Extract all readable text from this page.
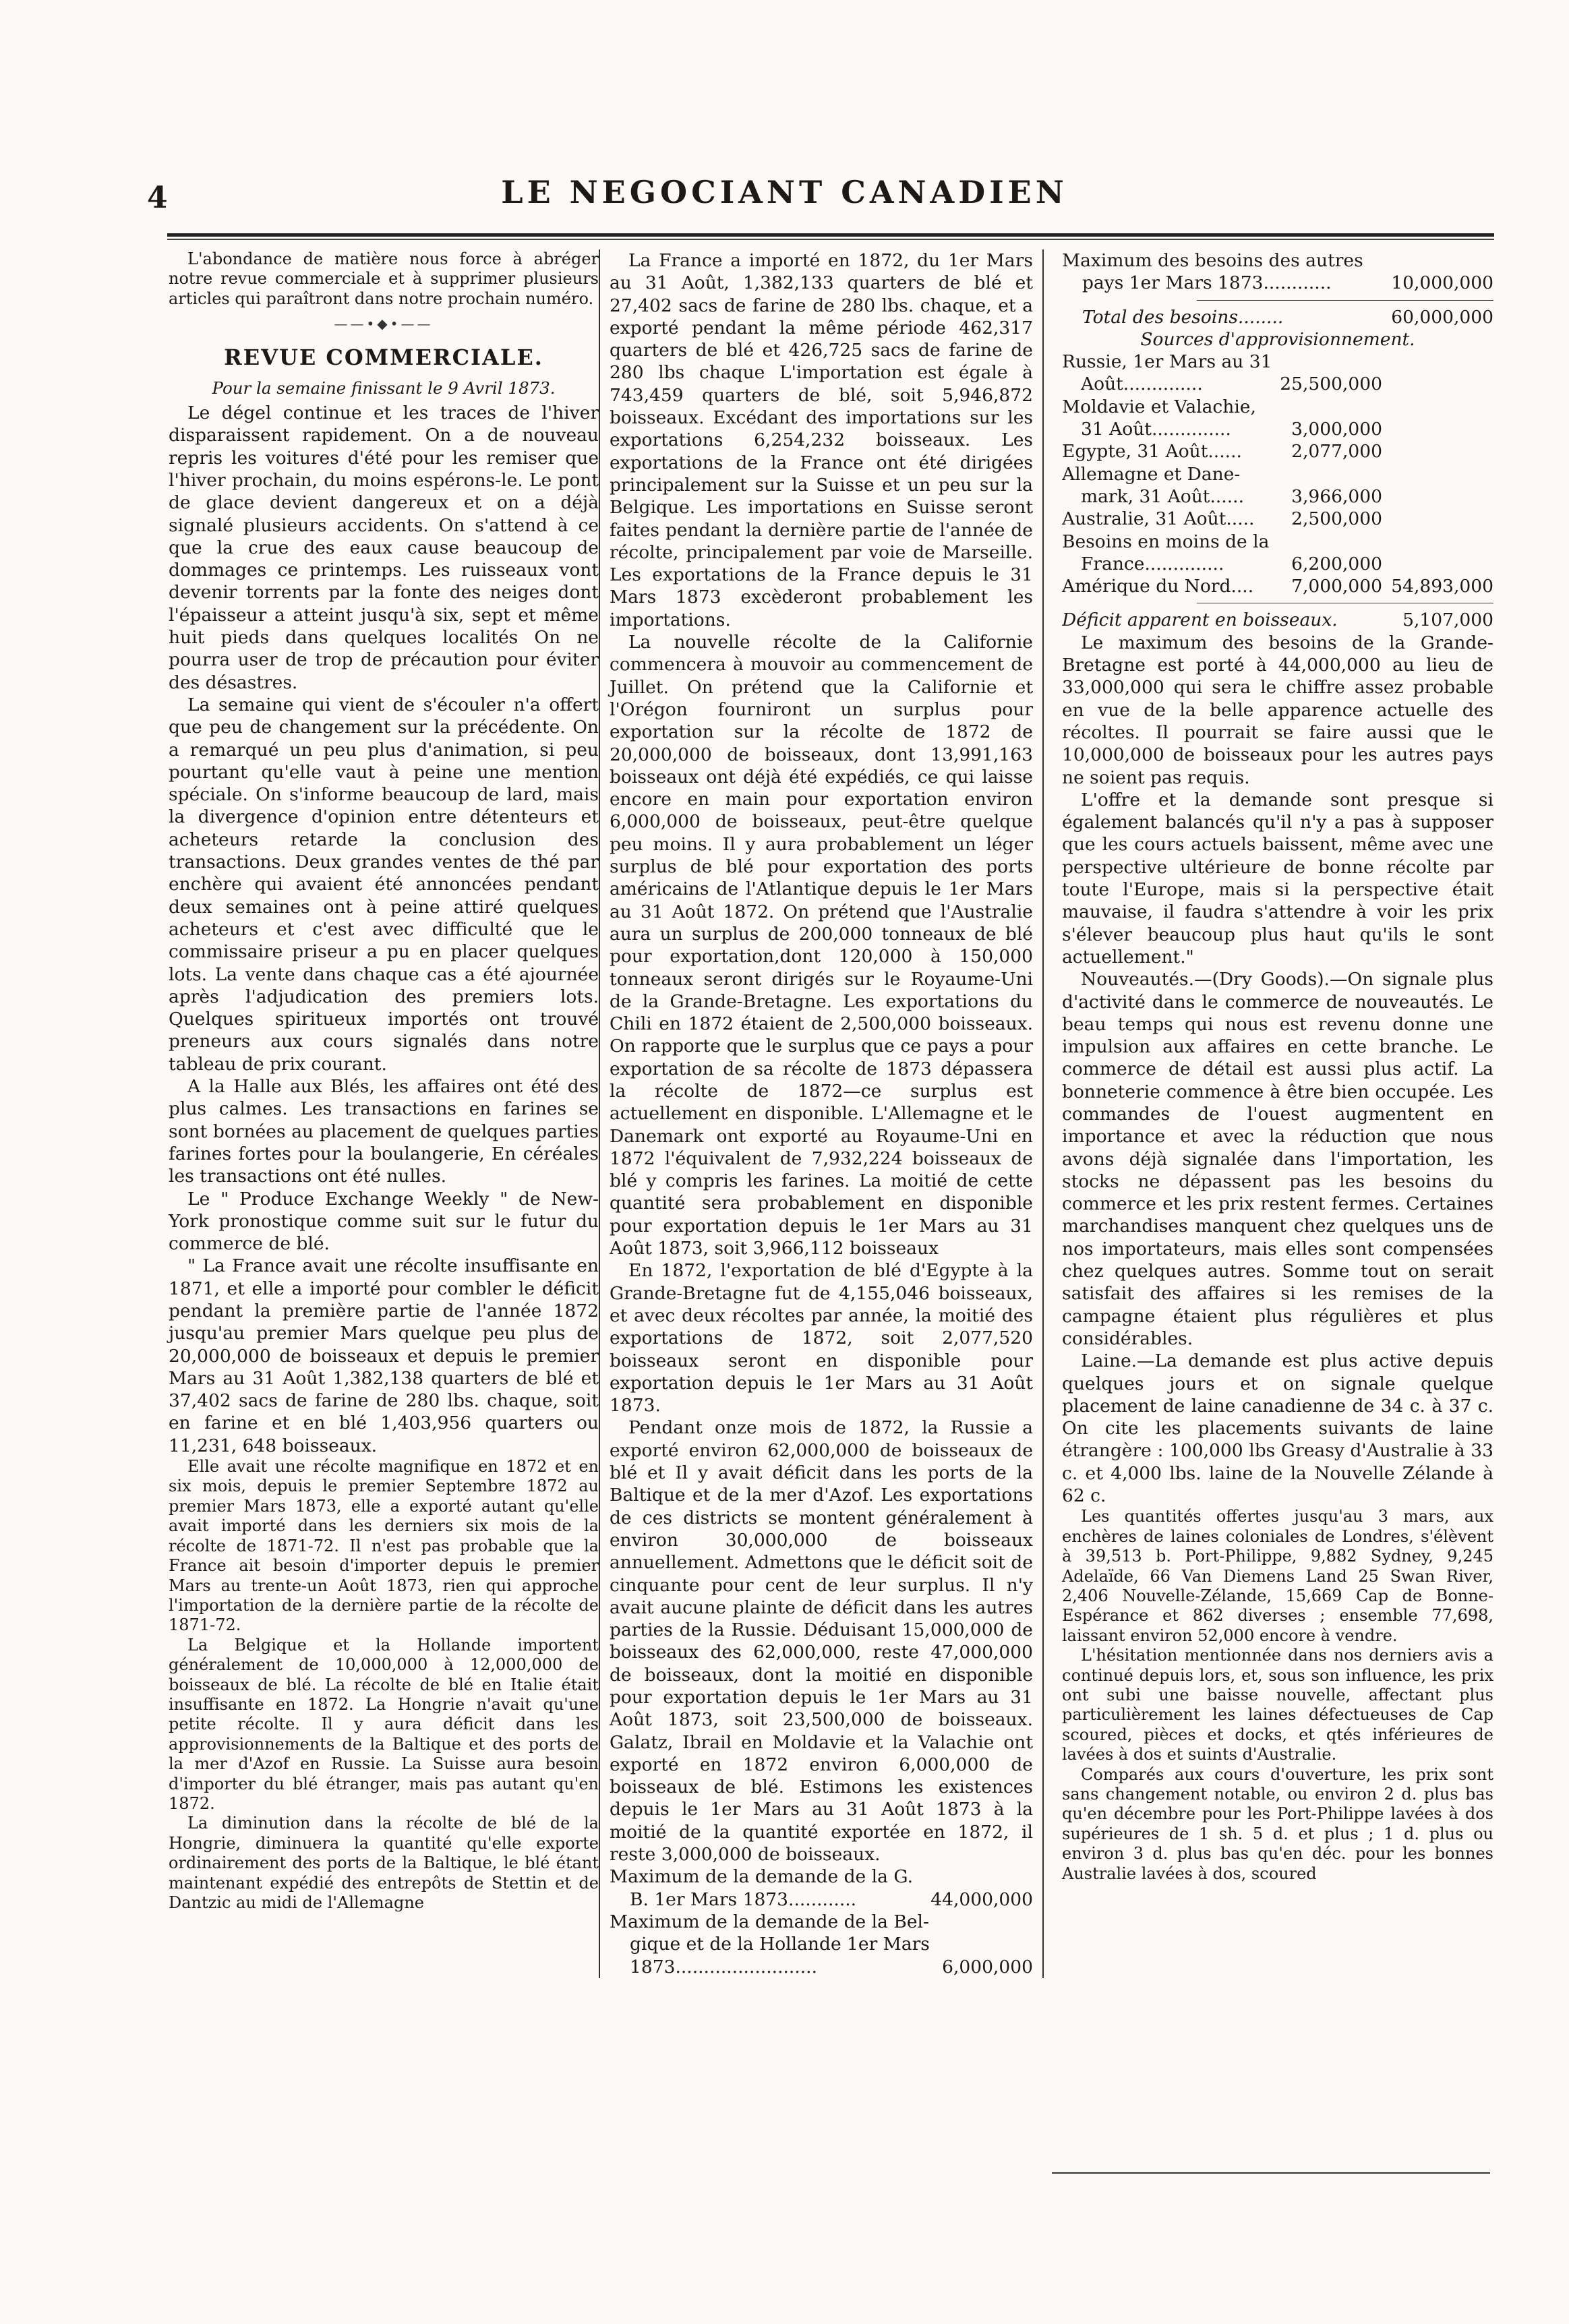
4	LE NEGOCIANT CANADIEN

L'abondance de matière nous force à abréger notre revue commerciale et à supprimer plusieurs articles qui paraîtront dans notre prochain numéro.

——•◆•——
REVUE COMMERCIALE.

Pour la semaine finissant le 9 Avril 1873.

Le dégel continue et les traces de l'hiver disparaissent rapidement. On a de nouveau repris les voitures d'été pour les remiser que l'hiver prochain, du moins espérons-le. Le pont de glace devient dangereux et on a déjà signalé plusieurs accidents. On s'attend à ce que la crue des eaux cause beaucoup de dommages ce printemps. Les ruisseaux vont devenir torrents par la fonte des neiges dont l'épaisseur a atteint jusqu'à six, sept et même huit pieds dans quelques localités On ne pourra user de trop de précaution pour éviter des désastres.

La semaine qui vient de s'écouler n'a offert que peu de changement sur la précédente. On a remarqué un peu plus d'animation, si peu pourtant qu'elle vaut à peine une mention spéciale. On s'informe beaucoup de lard, mais la divergence d'opinion entre détenteurs et acheteurs retarde la conclusion des transactions. Deux grandes ventes de thé par enchère qui avaient été annoncées pendant deux semaines ont à peine attiré quelques acheteurs et c'est avec difficulté que le commissaire priseur a pu en placer quelques lots. La vente dans chaque cas a été ajournée après l'adjudication des premiers lots. Quelques spiritueux importés ont trouvé preneurs aux cours signalés dans notre tableau de prix courant.

A la Halle aux Blés, les affaires ont été des plus calmes. Les transactions en farines se sont bornées au placement de quelques parties farines fortes pour la boulangerie, En céréales les transactions ont été nulles.

Le " Produce Exchange Weekly " de New-York pronostique comme suit sur le futur du commerce de blé.

" La France avait une récolte insuffisante en 1871, et elle a importé pour combler le déficit pendant la première partie de l'année 1872 jusqu'au premier Mars quelque peu plus de 20,000,000 de boisseaux et depuis le premier Mars au 31 Août 1,382,138 quarters de blé et 37,402 sacs de farine de 280 lbs. chaque, soit en farine et en blé 1,403,956 quarters ou 11,231, 648 boisseaux.

Elle avait une récolte magnifique en 1872 et en six mois, depuis le premier Septembre 1872 au premier Mars 1873, elle a exporté autant qu'elle avait importé dans les derniers six mois de la récolte de 1871-72. Il n'est pas probable que la France ait besoin d'importer depuis le premier Mars au trente-un Août 1873, rien qui approche l'importation de la dernière partie de la récolte de 1871-72.

La Belgique et la Hollande importent généralement de 10,000,000 à 12,000,000 de boisseaux de blé. La récolte de blé en Italie était insuffisante en 1872. La Hongrie n'avait qu'une petite récolte. Il y aura déficit dans les approvisionnements de la Baltique et des ports de la mer d'Azof en Russie. La Suisse aura besoin d'importer du blé étranger, mais pas autant qu'en 1872.

La diminution dans la récolte de blé de la Hongrie, diminuera la quantité qu'elle exporte ordinairement des ports de la Baltique, le blé étant maintenant expédié des entrepôts de Stettin et de Dantzic au midi de l'Allemagne

La France a importé en 1872, du 1er Mars au 31 Août, 1,382,133 quarters de blé et 27,402 sacs de farine de 280 lbs. chaque, et a exporté pendant la même période 462,317 quarters de blé et 426,725 sacs de farine de 280 lbs chaque L'importation est égale à 743,459 quarters de blé, soit 5,946,872 boisseaux. Excédant des importations sur les exportations 6,254,232 boisseaux. Les exportations de la France ont été dirigées principalement sur la Suisse et un peu sur la Belgique. Les importations en Suisse seront faites pendant la dernière partie de l'année de récolte, principalement par voie de Marseille. Les exportations de la France depuis le 31 Mars 1873 excèderont probablement les importations.

La nouvelle récolte de la Californie commencera à mouvoir au commencement de Juillet. On prétend que la Californie et l'Orégon fourniront un surplus pour exportation sur la récolte de 1872 de 20,000,000 de boisseaux, dont 13,991,163 boisseaux ont déjà été expédiés, ce qui laisse encore en main pour exportation environ 6,000,000 de boisseaux, peut-être quelque peu moins. Il y aura probablement un léger surplus de blé pour exportation des ports américains de l'Atlantique depuis le 1er Mars au 31 Août 1872. On prétend que l'Australie aura un surplus de 200,000 tonneaux de blé pour exportation,dont 120,000 à 150,000 tonneaux seront dirigés sur le Royaume-Uni de la Grande-Bretagne. Les exportations du Chili en 1872 étaient de 2,500,000 boisseaux. On rapporte que le surplus que ce pays a pour exportation de sa récolte de 1873 dépassera la récolte de 1872—ce surplus est actuellement en disponible. L'Allemagne et le Danemark ont exporté au Royaume-Uni en 1872 l'équivalent de 7,932,224 boisseaux de blé y compris les farines. La moitié de cette quantité sera probablement en disponible pour exportation depuis le 1er Mars au 31 Août 1873, soit 3,966,112 boisseaux

En 1872, l'exportation de blé d'Egypte à la Grande-Bretagne fut de 4,155,046 boisseaux, et avec deux récoltes par année, la moitié des exportations de 1872, soit 2,077,520 boisseaux seront en disponible pour exportation depuis le 1er Mars au 31 Août 1873.

Pendant onze mois de 1872, la Russie a exporté environ 62,000,000 de boisseaux de blé et Il y avait déficit dans les ports de la Baltique et de la mer d'Azof. Les exportations de ces districts se montent généralement à environ 30,000,000 de boisseaux annuellement. Admettons que le déficit soit de cinquante pour cent de leur surplus. Il n'y avait aucune plainte de déficit dans les autres parties de la Russie. Déduisant 15,000,000 de boisseaux des 62,000,000, reste 47,000,000 de boisseaux, dont la moitié en disponible pour exportation depuis le 1er Mars au 31 Août 1873, soit 23,500,000 de boisseaux. Galatz, Ibrail en Moldavie et la Valachie ont exporté en 1872 environ 6,000,000 de boisseaux de blé. Estimons les existences depuis le 1er Mars au 31 Août 1873 à la moitié de la quantité exportée en 1872, il reste 3,000,000 de boisseaux.

Maximum de la demande de la G.
B. 1er Mars 1873............	44,000,000
Maximum de la demande de la Bel-
gique et de la Hollande 1er Mars
1873.........................	6,000,000
Maximum des besoins des autres
pays 1er Mars 1873............	10,000,000
Total des besoins........	60,000,000

Sources d'approvisionnement.

Russie, 1er Mars au 31
Août..............	25,500,000
Moldavie et Valachie,
31 Août..............	3,000,000
Egypte, 31 Août......	2,077,000
Allemagne et Dane-
mark, 31 Août......	3,966,000
Australie, 31 Août.....	2,500,000
Besoins en moins de la
France..............	6,200,000
Amérique du Nord....	7,000,000 54,893,000
Déficit apparent en boisseaux.	5,107,000

Le maximum des besoins de la Grande-Bretagne est porté à 44,000,000 au lieu de 33,000,000 qui sera le chiffre assez probable en vue de la belle apparence actuelle des récoltes. Il pourrait se faire aussi que le 10,000,000 de boisseaux pour les autres pays ne soient pas requis.

L'offre et la demande sont presque si également balancés qu'il n'y a pas à supposer que les cours actuels baissent, même avec une perspective ultérieure de bonne récolte par toute l'Europe, mais si la perspective était mauvaise, il faudra s'attendre à voir les prix s'élever beaucoup plus haut qu'ils le sont actuellement."

Nouveautés.—(Dry Goods).—On signale plus d'activité dans le commerce de nouveautés. Le beau temps qui nous est revenu donne une impulsion aux affaires en cette branche. Le commerce de détail est aussi plus actif. La bonneterie commence à être bien occupée. Les commandes de l'ouest augmentent en importance et avec la réduction que nous avons déjà signalée dans l'importation, les stocks ne dépassent pas les besoins du commerce et les prix restent fermes. Certaines marchandises manquent chez quelques uns de nos importateurs, mais elles sont compensées chez quelques autres. Somme tout on serait satisfait des affaires si les remises de la campagne étaient plus régulières et plus considérables.

Laine.—La demande est plus active depuis quelques jours et on signale quelque placement de laine canadienne de 34 c. à 37 c. On cite les placements suivants de laine étrangère : 100,000 lbs Greasy d'Australie à 33 c. et 4,000 lbs. laine de la Nouvelle Zélande à 62 c.

Les quantités offertes jusqu'au 3 mars, aux enchères de laines coloniales de Londres, s'élèvent à 39,513 b. Port-Philippe, 9,882 Sydney, 9,245 Adelaïde, 66 Van Diemens Land 25 Swan River, 2,406 Nouvelle-Zélande, 15,669 Cap de Bonne-Espérance et 862 diverses ; ensemble 77,698, laissant environ 52,000 encore à vendre.

L'hésitation mentionnée dans nos derniers avis a continué depuis lors, et, sous son influence, les prix ont subi une baisse nouvelle, affectant plus particulièrement les laines défectueuses de Cap scoured, pièces et docks, et qtés inférieures de lavées à dos et suints d'Australie.

Comparés aux cours d'ouverture, les prix sont sans changement notable, ou environ 2 d. plus bas qu'en décembre pour les Port-Philippe lavées à dos supérieures de 1 sh. 5 d. et plus ; 1 d. plus ou environ 3 d. plus bas qu'en déc. pour les bonnes Australie lavées à dos, scoured
